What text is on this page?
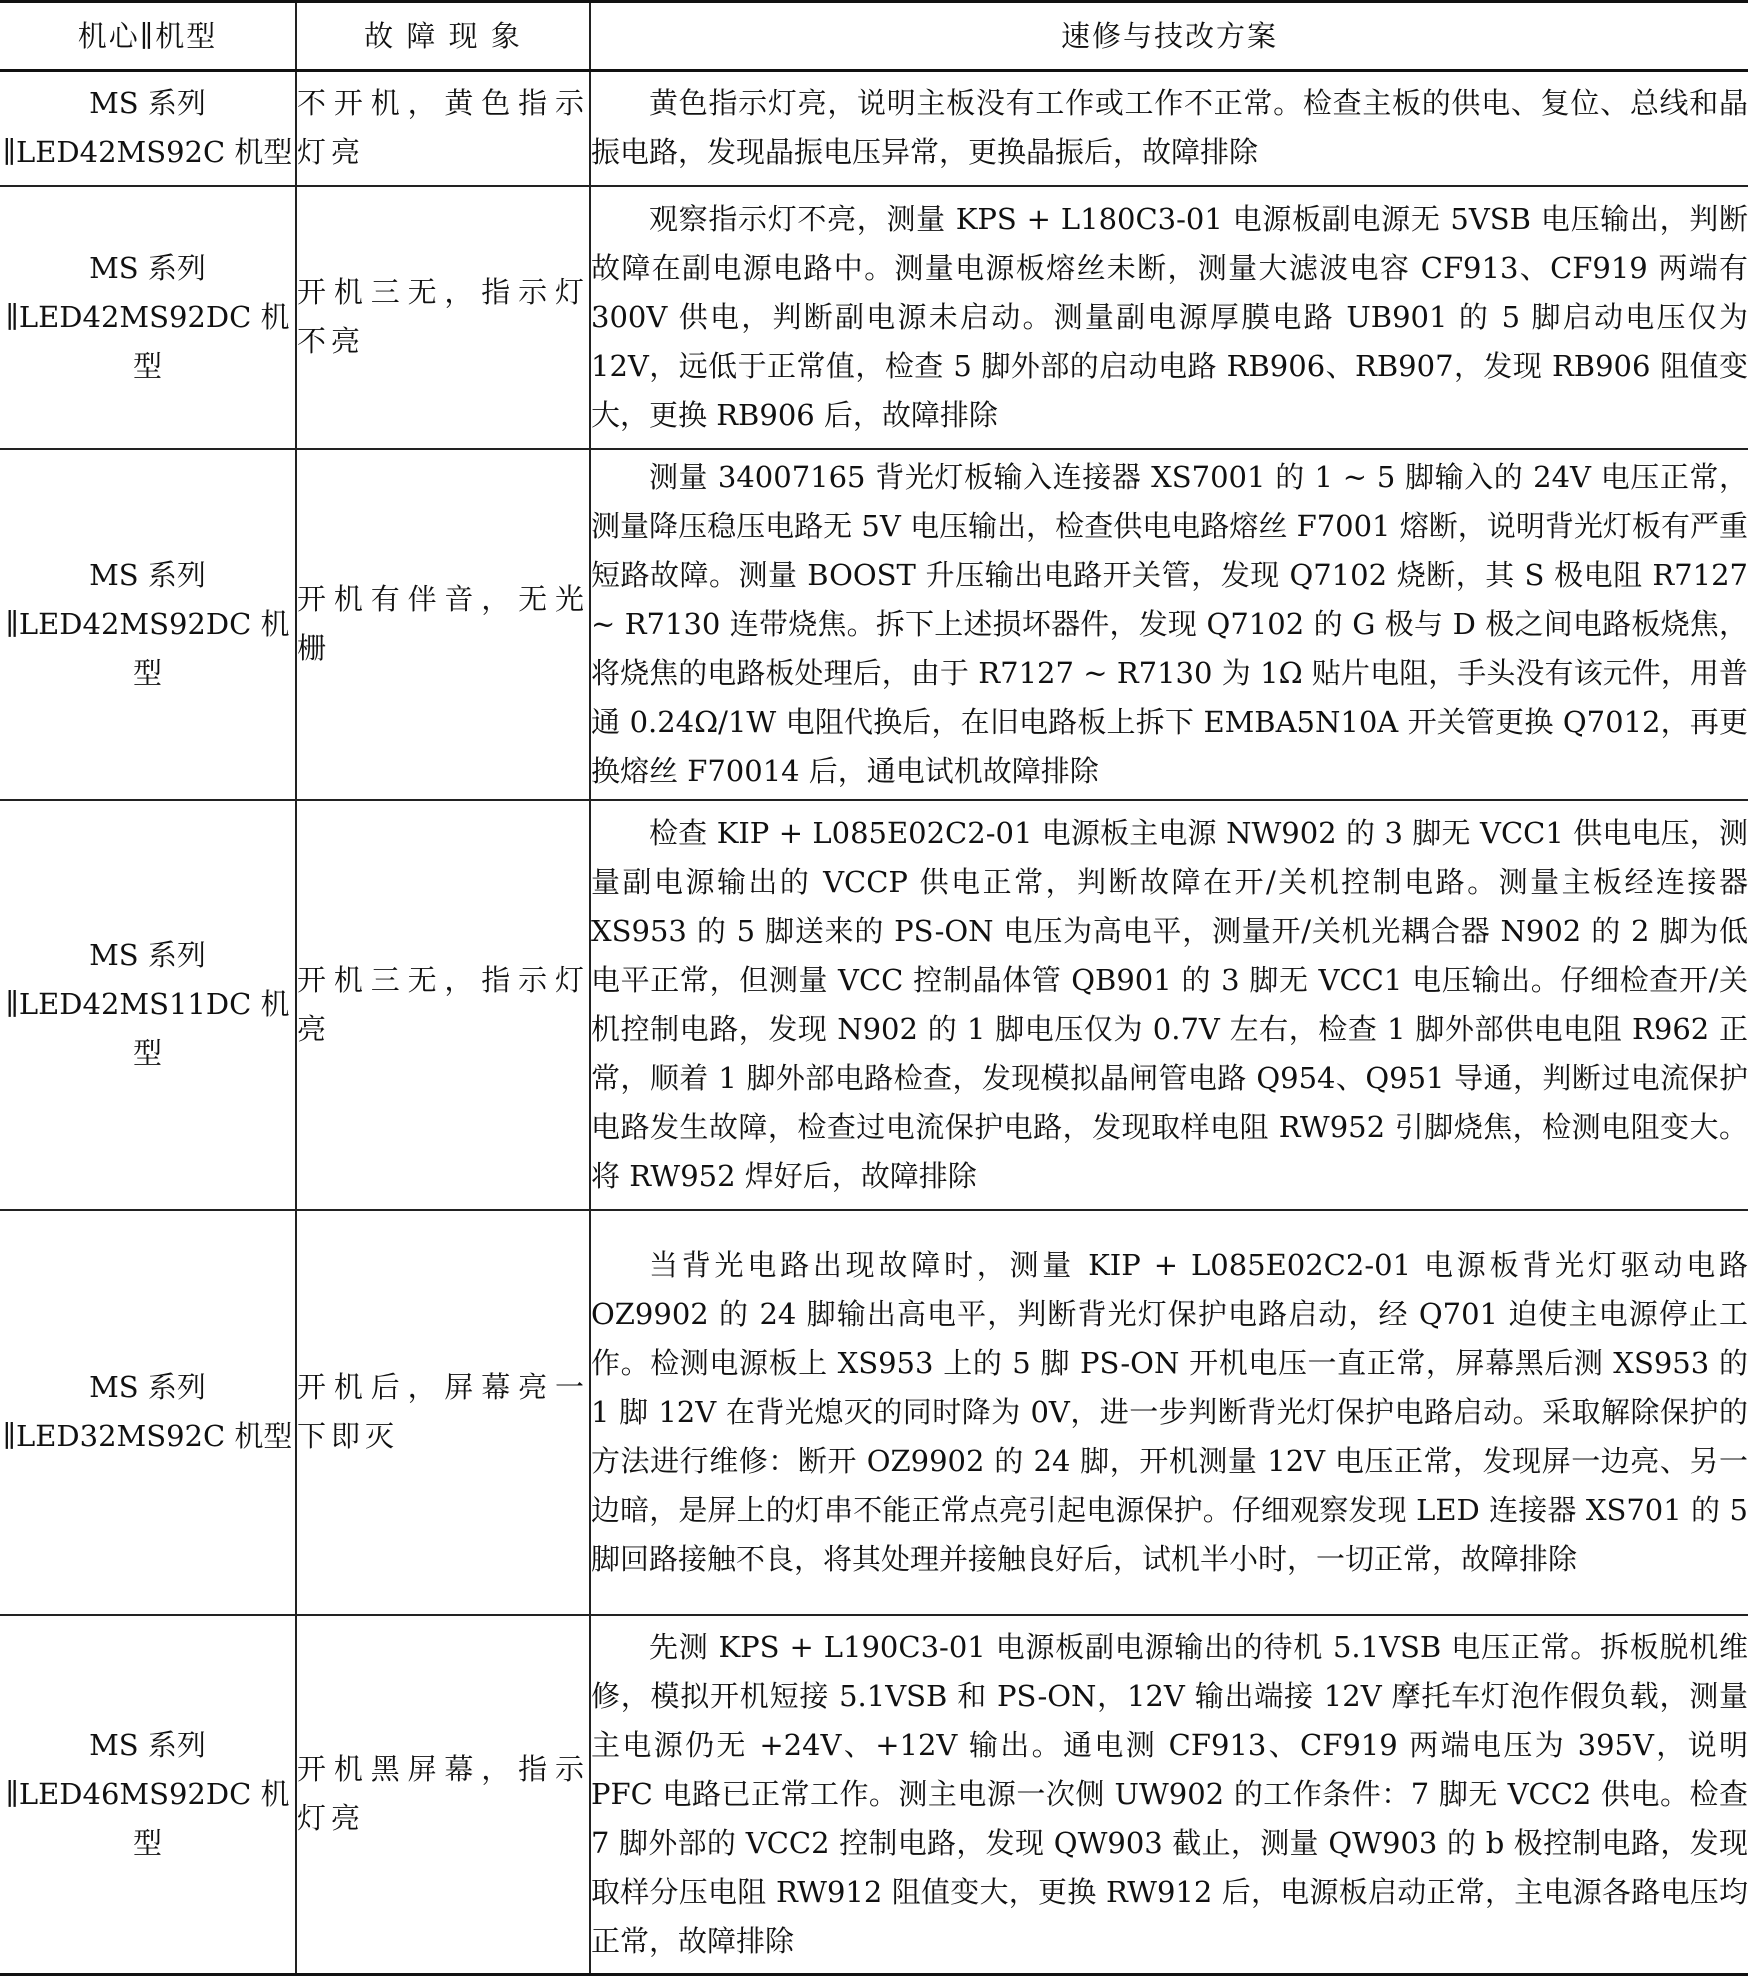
机心∥机型	故 障 现 象	速修与技改方案
MS 系列∥LED42MS92C 机型	不开机，黄色指示灯亮	黄色指示灯亮，说明主板没有工作或工作不正常。检查主板的供电、复位、总线和晶振电路，发现晶振电压异常，更换晶振后，故障排除

MS 系列∥LED42MS92DC 机型	开机三无，指示灯不亮	观察指示灯不亮，测量 KPS + L180C3-01 电源板副电源无 5VSB 电压输出，判断故障在副电源电路中。测量电源板熔丝未断，测量大滤波电容 CF913、CF919 两端有 300V 供电，判断副电源未启动。测量副电源厚膜电路 UB901 的 5 脚启动电压仅为 12V，远低于正常值，检查 5 脚外部的启动电路 RB906、RB907，发现 RB906 阻值变大，更换 RB906 后，故障排除

MS 系列∥LED42MS92DC 机型	开机有伴音，无光栅	测量 34007165 背光灯板输入连接器 XS7001 的 1 ~ 5 脚输入的 24V 电压正常，测量降压稳压电路无 5V 电压输出，检查供电电路熔丝 F7001 熔断，说明背光灯板有严重短路故障。测量 BOOST 升压输出电路开关管，发现 Q7102 烧断，其 S 极电阻 R7127 ~ R7130 连带烧焦。拆下上述损坏器件，发现 Q7102 的 G 极与 D 极之间电路板烧焦，将烧焦的电路板处理后，由于 R7127 ~ R7130 为 1Ω 贴片电阻，手头没有该元件，用普通 0.24Ω/1W 电阻代换后，在旧电路板上拆下 EMBA5N10A 开关管更换 Q7012，再更换熔丝 F70014 后，通电试机故障排除

MS 系列∥LED42MS11DC 机型	开机三无，指示灯亮	检查 KIP + L085E02C2-01 电源板主电源 NW902 的 3 脚无 VCC1 供电电压，测量副电源输出的 VCCP 供电正常，判断故障在开/关机控制电路。测量主板经连接器 XS953 的 5 脚送来的 PS-ON 电压为高电平，测量开/关机光耦合器 N902 的 2 脚为低电平正常，但测量 VCC 控制晶体管 QB901 的 3 脚无 VCC1 电压输出。仔细检查开/关机控制电路，发现 N902 的 1 脚电压仅为 0.7V 左右，检查 1 脚外部供电电阻 R962 正常，顺着 1 脚外部电路检查，发现模拟晶闸管电路 Q954、Q951 导通，判断过电流保护电路发生故障，检查过电流保护电路，发现取样电阻 RW952 引脚烧焦，检测电阻变大。将 RW952 焊好后，故障排除

MS 系列∥LED32MS92C 机型	开机后，屏幕亮一下即灭	当背光电路出现故障时，测量 KIP + L085E02C2-01 电源板背光灯驱动电路 OZ9902 的 24 脚输出高电平，判断背光灯保护电路启动，经 Q701 迫使主电源停止工作。检测电源板上 XS953 上的 5 脚 PS-ON 开机电压一直正常，屏幕黑后测 XS953 的 1 脚 12V 在背光熄灭的同时降为 0V，进一步判断背光灯保护电路启动。采取解除保护的方法进行维修：断开 OZ9902 的 24 脚，开机测量 12V 电压正常，发现屏一边亮、另一边暗，是屏上的灯串不能正常点亮引起电源保护。仔细观察发现 LED 连接器 XS701 的 5 脚回路接触不良，将其处理并接触良好后，试机半小时，一切正常，故障排除

MS 系列∥LED46MS92DC 机型	开机黑屏幕，指示灯亮	先测 KPS + L190C3-01 电源板副电源输出的待机 5.1VSB 电压正常。拆板脱机维修，模拟开机短接 5.1VSB 和 PS-ON，12V 输出端接 12V 摩托车灯泡作假负载，测量主电源仍无 +24V、+12V 输出。通电测 CF913、CF919 两端电压为 395V，说明 PFC 电路已正常工作。测主电源一次侧 UW902 的工作条件：7 脚无 VCC2 供电。检查 7 脚外部的 VCC2 控制电路，发现 QW903 截止，测量 QW903 的 b 极控制电路，发现取样分压电阻 RW912 阻值变大，更换 RW912 后，电源板启动正常，主电源各路电压均正常，故障排除
